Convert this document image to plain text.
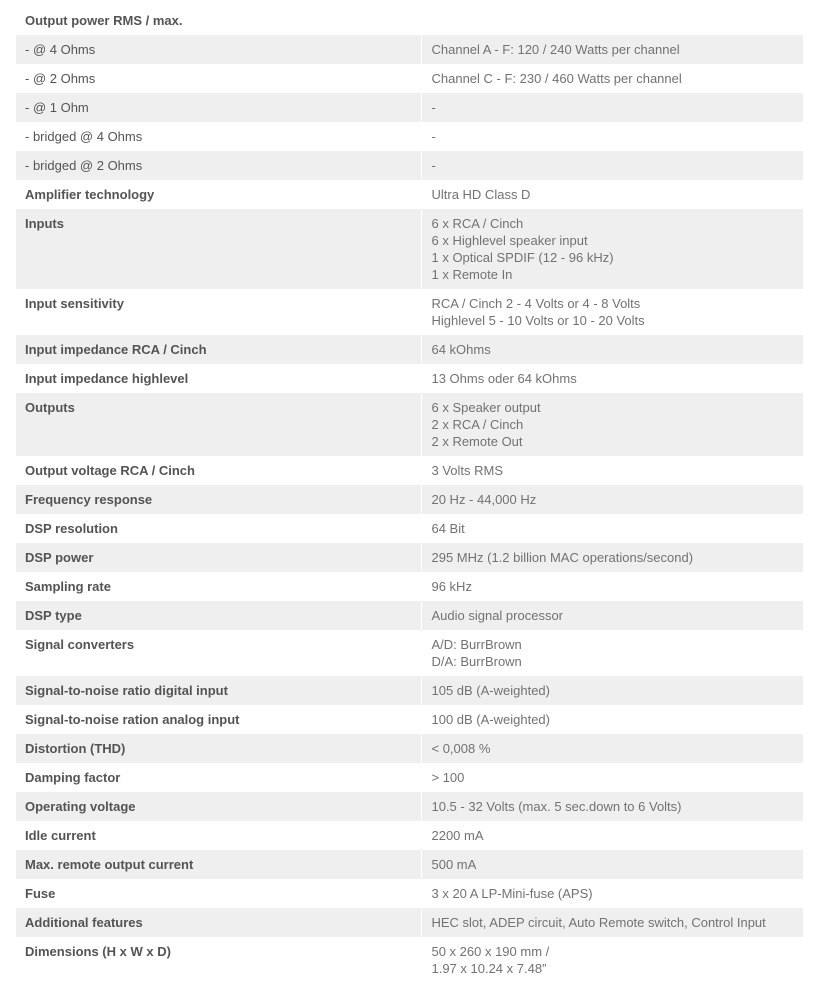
Output power RMS / max.

- @ 4 Ohms	Channel A - F: 120 / 240 Watts per channel
- @ 2 Ohms	Channel C - F: 230 / 460 Watts per channel
- @ 1 Ohm	-
- bridged @ 4 Ohms	-
- bridged @ 2 Ohms	-
Amplifier technology	Ultra HD Class D
Inputs	6 x RCA / Cinch
6 x Highlevel speaker input
1 x Optical SPDIF (12 - 96 kHz)
1 x Remote In
Input sensitivity	RCA / Cinch 2 - 4 Volts or 4 - 8 Volts
Highlevel 5 - 10 Volts or 10 - 20 Volts
Input impedance RCA / Cinch	64 kOhms
Input impedance highlevel	13 Ohms oder 64 kOhms
Outputs	6 x Speaker output
2 x RCA / Cinch
2 x Remote Out
Output voltage RCA / Cinch	3 Volts RMS
Frequency response	20 Hz - 44,000 Hz
DSP resolution	64 Bit
DSP power	295 MHz (1.2 billion MAC operations/second)
Sampling rate	96 kHz
DSP type	Audio signal processor
Signal converters	A/D: BurrBrown
D/A: BurrBrown
Signal-to-noise ratio digital input	105 dB (A-weighted)
Signal-to-noise ration analog input	100 dB (A-weighted)
Distortion (THD)	< 0,008 %
Damping factor	> 100
Operating voltage	10.5 - 32 Volts (max. 5 sec.down to 6 Volts)
Idle current	2200 mA
Max. remote output current	500 mA
Fuse	3 x 20 A LP-Mini-fuse (APS)
Additional features	HEC slot, ADEP circuit, Auto Remote switch, Control Input
Dimensions (H x W x D)	50 x 260 x 190 mm /
1.97 x 10.24 x 7.48”
